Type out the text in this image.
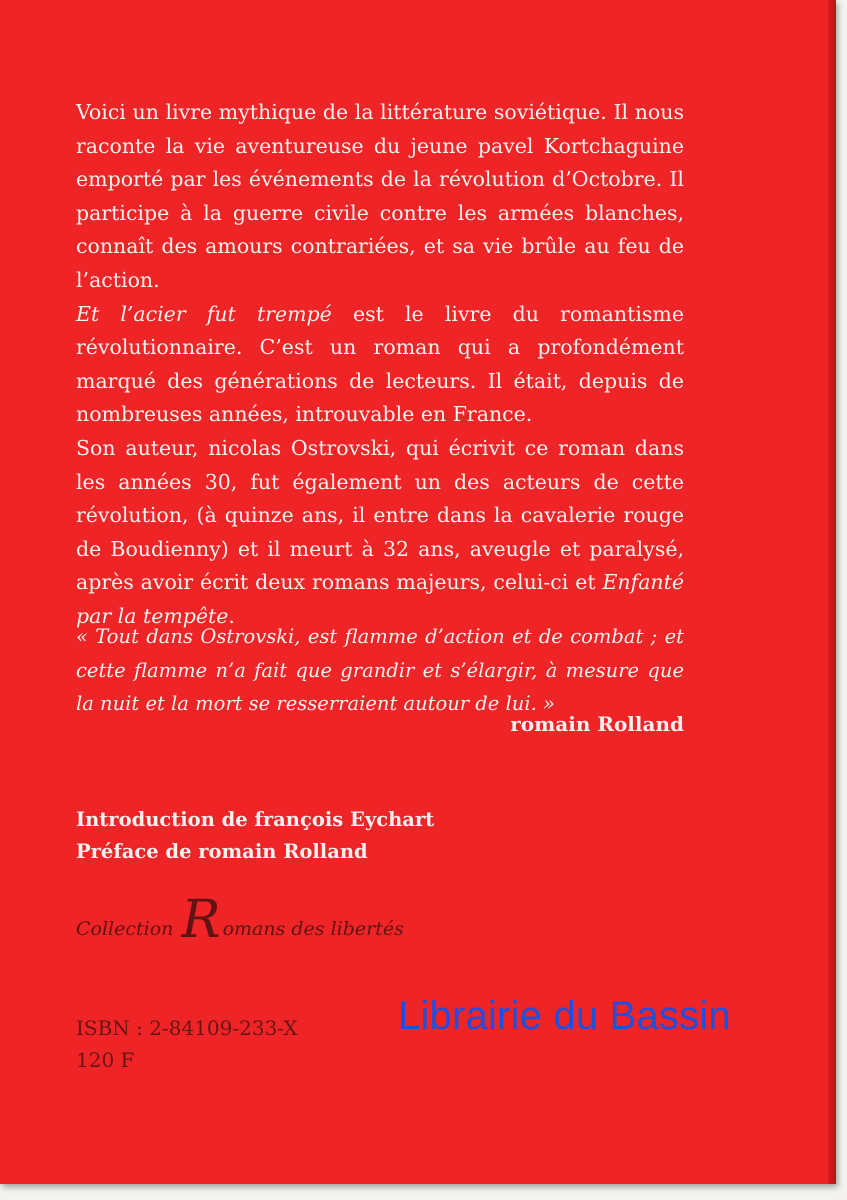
Voici un livre mythique de la littérature soviétique. Il nous raconte la vie aventureuse du jeune pavel Kortchaguine emporté par les événements de la révolution d’Octobre. Il participe à la guerre civile contre les armées blanches, connaît des amours contrariées, et sa vie brûle au feu de l’action.

Et l’acier fut trempé est le livre du romantisme révolutionnaire. C’est un roman qui a profondément marqué des générations de lecteurs. Il était, depuis de nombreuses années, introuvable en France.

Son auteur, nicolas Ostrovski, qui écrivit ce roman dans les années 30, fut également un des acteurs de cette révolution, (à quinze ans, il entre dans la cavalerie rouge de Boudienny) et il meurt à 32 ans, aveugle et paralysé, après avoir écrit deux romans majeurs, celui-ci et Enfanté par la tempête.

« Tout dans Ostrovski, est flamme d’action et de combat ; et cette flamme n’a fait que grandir et s’élargir, à mesure que la nuit et la mort se resserraient autour de lui. »
romain Rolland
Introduction de françois Eychart
Préface de romain Rolland
Collection R omans des libertés
ISBN : 2-84109-233-X
120 F
Librairie du Bassin
